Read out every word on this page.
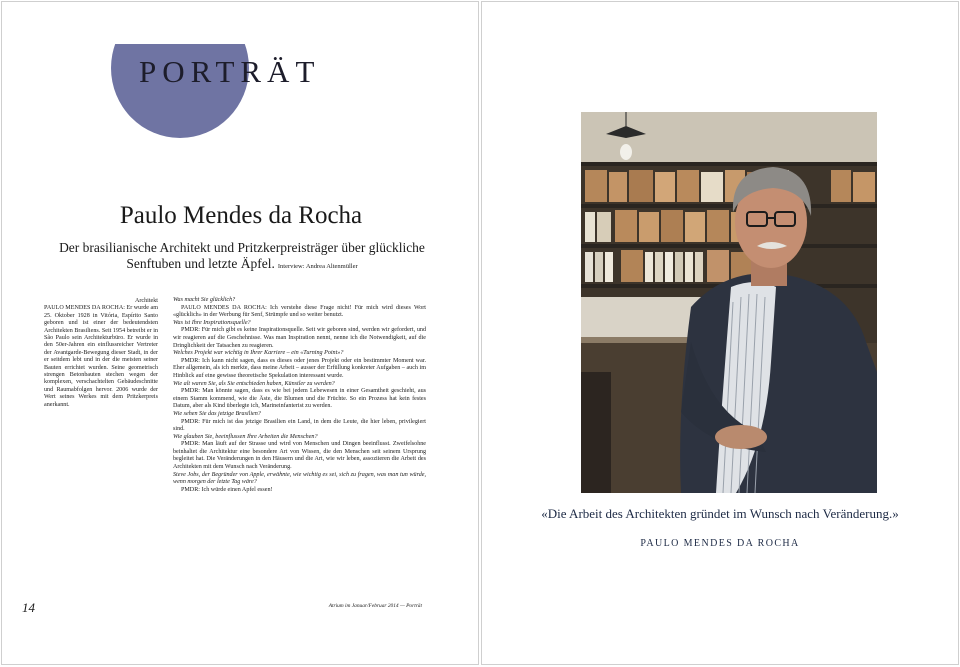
PORTRÄT
Paulo Mendes da Rocha

Der brasilianische Architekt und Pritzkerpreisträger über glückliche Senftuben und letzte Äpfel. Interview: Andrea Altenmüller

Architekt
PAULO MENDES DA ROCHA: Er wurde am 25. Oktober 1928 in Vitória, Espírito Santo geboren und ist einer der bedeutendsten Architekten Brasiliens. Seit 1954 betreibt er in São Paulo sein Architekturbüro. Er wurde in den 50er-Jahren ein einflussreicher Vertreter der Avantgarde-Bewegung dieser Stadt, in der er seitdem lebt und in der die meisten seiner Bauten errichtet wurden. Seine geometrisch strengen Betonbauten stechen wegen der komplexen, verschachtelten Gebäudeschnitte und Raumabfolgen hervor. 2006 wurde der Wert seines Werkes mit dem Pritzkerpreis anerkannt.

Was macht Sie glücklich?

PAULO MENDES DA ROCHA: Ich verstehe diese Frage nicht! Für mich wird dieses Wort «glücklich» in der Werbung für Senf, Strümpfe und so weiter benutzt.

Was ist Ihre Inspirationsquelle?

PMDR: Für mich gibt es keine Inspirationsquelle. Seit wir geboren sind, werden wir gefordert, und wir reagieren auf die Geschehnisse. Was man Inspiration nennt, nenne ich die Notwendigkeit, auf die Dringlichkeit der Tatsachen zu reagieren.

Welches Projekt war wichtig in Ihrer Karriere – ein «Turning Point»?

PMDR: Ich kann nicht sagen, dass es dieses oder jenes Projekt oder ein bestimmter Moment war. Eher allgemein, als ich merkte, dass meine Arbeit – ausser der Erfüllung konkreter Aufgaben – auch im Hinblick auf eine gewisse theoretische Spekulation interessant wurde.

Wie alt waren Sie, als Sie entschieden haben, Künstler zu werden?

PMDR: Man könnte sagen, dass es wie bei jedem Lebewesen in einer Gesamtheit geschieht, aus einem Stamm kommend, wie die Äste, die Blumen und die Früchte. So ein Prozess hat kein festes Datum, aber als Kind überlegte ich, Marineinfanterist zu werden.

Wie sehen Sie das jetzige Brasilien?

PMDR: Für mich ist das jetzige Brasilien ein Land, in dem die Leute, die hier leben, privilegiert sind.

Wie glauben Sie, beeinflussen Ihre Arbeiten die Menschen?

PMDR: Man läuft auf der Strasse und wird von Menschen und Dingen beeinflusst. Zweifelsohne beinhaltet die Architektur eine besondere Art von Wissen, die den Menschen seit seinem Ursprung begleitet hat. Die Veränderungen in den Häusern und die Art, wie wir leben, assoziieren die Arbeit des Architekten mit dem Wunsch nach Veränderung.

Steve Jobs, der Begründer von Apple, erwähnte, wie wichtig es sei, sich zu fragen, was man tun würde, wenn morgen der letzte Tag wäre?

PMDR: Ich würde einen Apfel essen!

14	Atrium im Januar/Februar 2014 — Porträt

«Die Arbeit des Architekten gründet im Wunsch nach Veränderung.»

PAULO MENDES DA ROCHA
